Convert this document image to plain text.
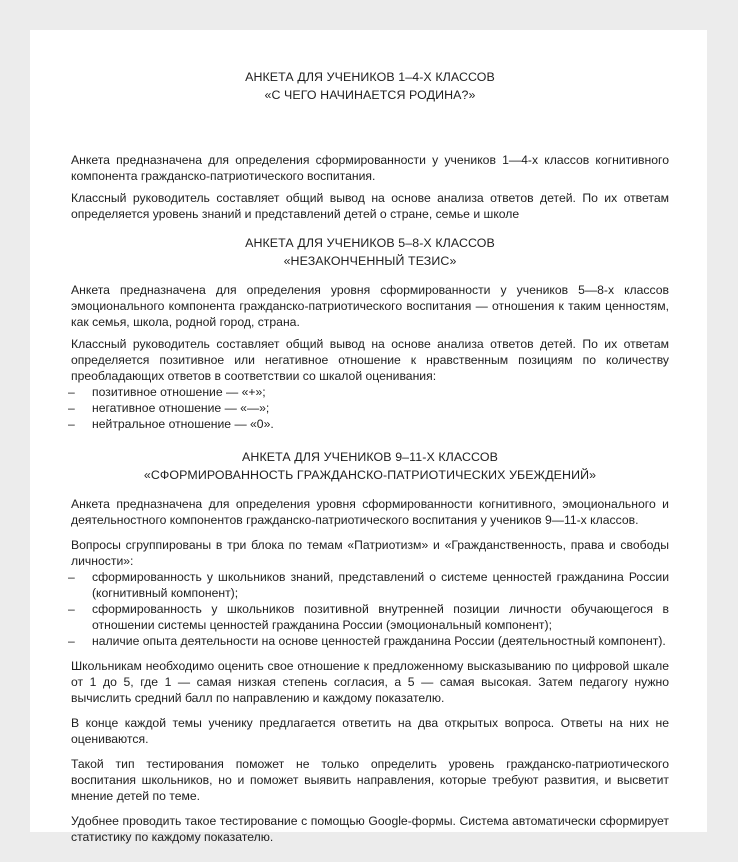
АНКЕТА ДЛЯ УЧЕНИКОВ 1–4-Х КЛАССОВ
«С ЧЕГО НАЧИНАЕТСЯ РОДИНА?»

Анкета предназначена для определения сформированности у учеников 1—4-х классов когнитивного компонента гражданско-патриотического воспитания.

Классный руководитель составляет общий вывод на основе анализа ответов детей. По их ответам определяется уровень знаний и представлений детей о стране, семье и школе

АНКЕТА ДЛЯ УЧЕНИКОВ 5–8-Х КЛАССОВ
«НЕЗАКОНЧЕННЫЙ ТЕЗИС»

Анкета предназначена для определения уровня сформированности у учеников 5—8-х классов эмоционального компонента гражданско-патриотического воспитания — отношения к таким ценностям, как семья, школа, родной город, страна.

Классный руководитель составляет общий вывод на основе анализа ответов детей. По их ответам определяется позитивное или негативное отношение к нравственным позициям по количеству преобладающих ответов в соответствии со шкалой оценивания:

– позитивное отношение — «+»;
– негативное отношение — «—»;
– нейтральное отношение — «0».
АНКЕТА ДЛЯ УЧЕНИКОВ 9–11-Х КЛАССОВ
«СФОРМИРОВАННОСТЬ ГРАЖДАНСКО-ПАТРИОТИЧЕСКИХ УБЕЖДЕНИЙ»

Анкета предназначена для определения уровня сформированности когнитивного, эмоционального и деятельностного компонентов гражданско-патриотического воспитания у учеников 9—11-х классов.

Вопросы сгруппированы в три блока по темам «Патриотизм» и «Гражданственность, права и свободы личности»:

– сформированность у школьников знаний, представлений о системе ценностей гражданина России (когнитивный компонент);
– сформированность у школьников позитивной внутренней позиции личности обучающегося в отношении системы ценностей гражданина России (эмоциональный компонент);
– наличие опыта деятельности на основе ценностей гражданина России (деятельностный компонент).

Школьникам необходимо оценить свое отношение к предложенному высказыванию по цифровой шкале от 1 до 5, где 1 — самая низкая степень согласия, а 5 — самая высокая. Затем педагогу нужно вычислить средний балл по направлению и каждому показателю.

В конце каждой темы ученику предлагается ответить на два открытых вопроса. Ответы на них не оцениваются.

Такой тип тестирования поможет не только определить уровень гражданско-патриотического воспитания школьников, но и поможет выявить направления, которые требуют развития, и высветит мнение детей по теме.

Удобнее проводить такое тестирование с помощью Google-формы. Система автоматически сформирует статистику по каждому показателю.
